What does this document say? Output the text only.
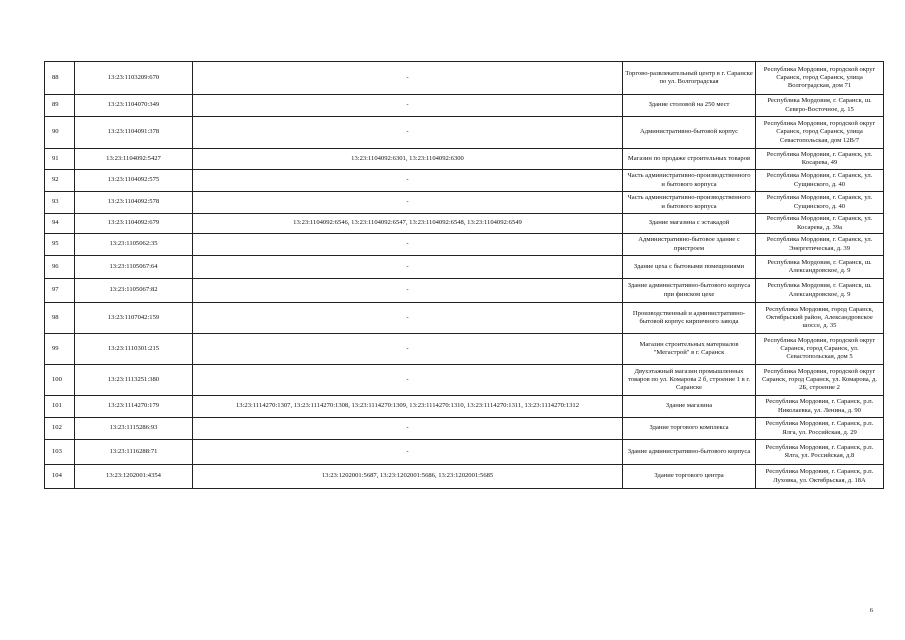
88	13:23:1103209:670	-	Торгово-развлекательный центр в г. Саранске по ул. Волгоградская	Республика Мордовия, городской округ Саранск, город Саранск, улица Волгоградская, дом 71
89	13:23:1104070:349	-	Здание столовой на 250 мест	Республика Мордовия, г. Саранск, ш. Северо-Восточное, д. 15
90	13:23:1104091:378	-	Административно-бытовой корпус	Республика Мордовия, городской округ Саранск, город Саранск, улица Севастопольская, дом 12В/7
91	13:23:1104092:5427	13:23:1104092:6301, 13:23:1104092:6300	Магазин по продаже строительных товаров	Республика Мордовия, г. Саранск, ул. Косарева, 49
92	13:23:1104092:575	-	Часть административно-производственного и бытового корпуса	Республика Мордовия, г. Саранск, ул. Сущинского, д. 40
93	13:23:1104092:578	-	Часть административно-производственного и бытового корпуса	Республика Мордовия, г. Саранск, ул. Сущинского, д. 40
94	13:23:1104092:679	13:23:1104092:6546, 13:23:1104092:6547, 13:23:1104092:6548, 13:23:1104092:6549	Здание магазина с эстакадой	Республика Мордовия, г. Саранск, ул. Косарева, д. 39а
95	13:23:1105062:35	-	Административно-бытовое здание с пристроем	Республика Мордовия, г. Саранск, ул. Энергетическая, д. 39
96	13:23:1105067:64	-	Здание цеха с бытовыми помещениями	Республика Мордовия, г. Саранск, ш. Александровское, д. 9
97	13:23:1105067:82	-	Здание административно-бытового корпуса при финском цехе	Республика Мордовия, г. Саранск, ш. Александровское, д. 9
98	13:23:1107042:159	-	Производственный и административно-бытовой корпус кирпичного завода	Республика Мордовия, город Саранск, Октябрьский район, Александровское шоссе, д. 35
99	13:23:1110301:215	-	Магазин строительных материалов "Мегастрой" в г. Саранск	Республика Мордовия, городской округ Саранск, город Саранск, ул. Севастопольская, дом 5
100	13:23:1113251:380	-	Двухэтажный магазин промышленных товаров по ул. Комарова 2 б, строение 1 в г. Саранске	Республика Мордовия, городской округ Саранск, город Саранск, ул. Комарова, д. 2Б, строение 2
101	13:23:1114270:179	13:23:1114270:1307, 13:23:1114270:1308, 13:23:1114270:1309, 13:23:1114270:1310, 13:23:1114270:1311, 13:23:1114270:1312	Здание магазина	Республика Мордовия, г. Саранск, р.п. Николаевка, ул. Ленина, д. 90
102	13:23:1115286:93	-	Здание торгового комплекса	Республика Мордовия, г. Саранск, р.п. Ялга, ул. Российская, д. 29
103	13:23:1116288:71	-	Здание административно-бытового корпуса	Республика Мордовия, г. Саранск, р.п. Ялга, ул. Российская, д.8
104	13:23:1202001:4354	13:23:1202001:5687, 13:23:1202001:5686, 13:23:1202001:5685	Здание торгового центра	Республика Мордовия, г. Саранск, р.п. Луховка, ул. Октябрьская, д. 18А
6
